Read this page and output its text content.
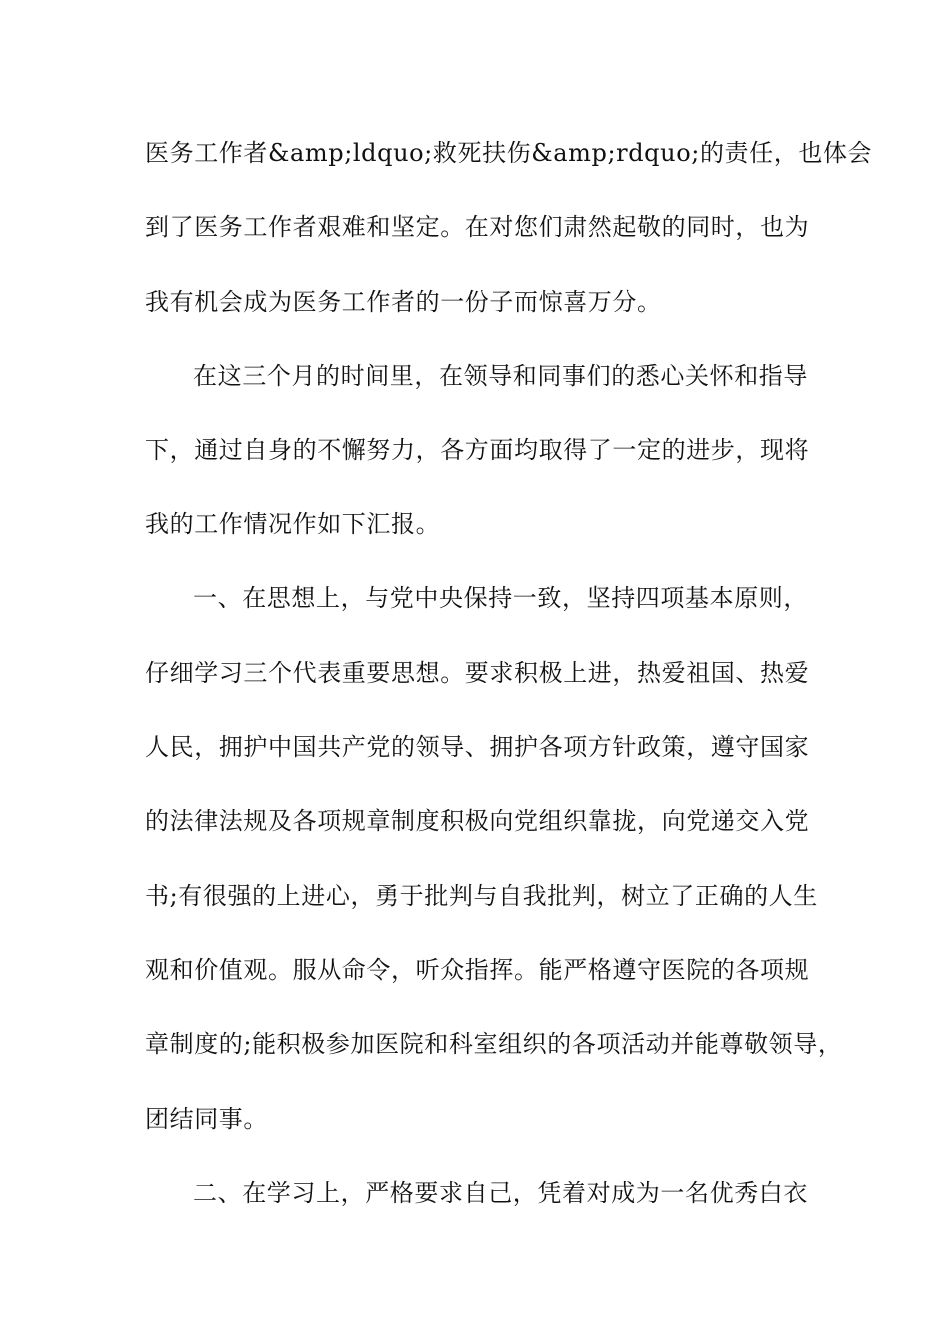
医务工作者&amp;ldquo;救死扶伤&amp;rdquo;的责任，也体会
到了医务工作者艰难和坚定。在对您们肃然起敬的同时，也为
我有机会成为医务工作者的一份子而惊喜万分。
在这三个月的时间里，在领导和同事们的悉心关怀和指导
下，通过自身的不懈努力，各方面均取得了一定的进步，现将
我的工作情况作如下汇报。
一、在思想上，与党中央保持一致，坚持四项基本原则，
仔细学习三个代表重要思想。要求积极上进，热爱祖国、热爱
人民，拥护中国共产党的领导、拥护各项方针政策，遵守国家
的法律法规及各项规章制度积极向党组织靠拢，向党递交入党
书;有很强的上进心，勇于批判与自我批判，树立了正确的人生
观和价值观。服从命令，听众指挥。能严格遵守医院的各项规
章制度的;能积极参加医院和科室组织的各项活动并能尊敬领导，
团结同事。
二、在学习上，严格要求自己，凭着对成为一名优秀白衣
